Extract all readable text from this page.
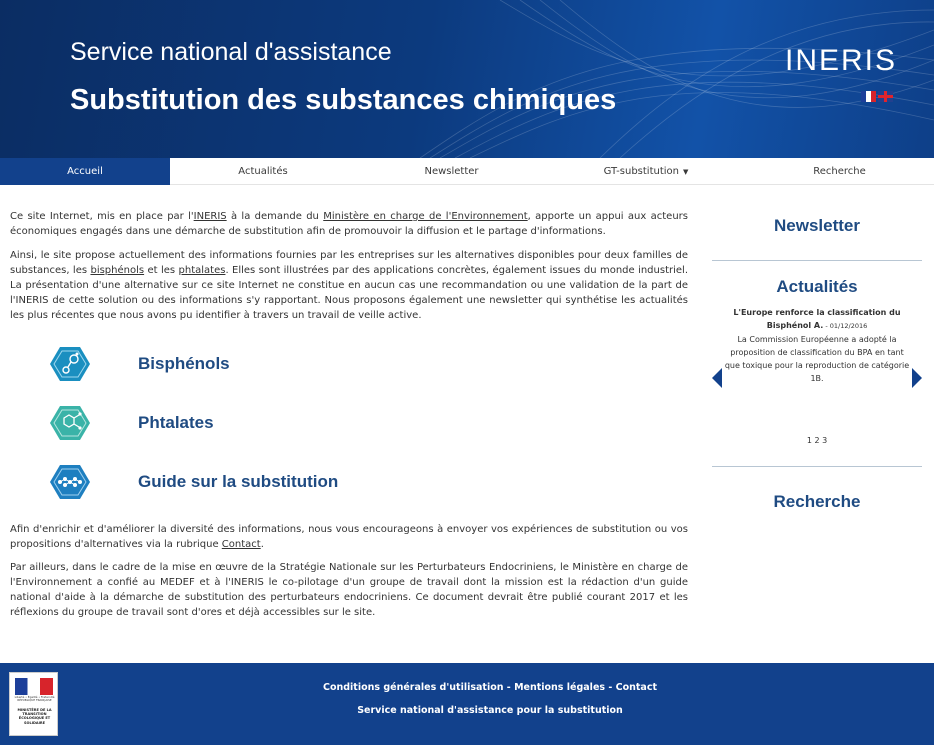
Service national d'assistance
Substitution des substances chimiques
INERIS
Accueil	Actualités	Newsletter	GT-substitution ▼	Recherche

Ce site Internet, mis en place par l'INERIS à la demande du Ministère en charge de l'Environnement, apporte un appui aux acteurs économiques engagés dans une démarche de substitution afin de promouvoir la diffusion et le partage d'informations.

Ainsi, le site propose actuellement des informations fournies par les entreprises sur les alternatives disponibles pour deux familles de substances, les bisphénols et les phtalates. Elles sont illustrées par des applications concrètes, également issues du monde industriel. La présentation d'une alternative sur ce site Internet ne constitue en aucun cas une recommandation ou une validation de la part de l'INERIS de cette solution ou des informations s'y rapportant. Nous proposons également une newsletter qui synthétise les actualités les plus récentes que nous avons pu identifier à travers un travail de veille active.

Bisphénols
Phtalates
Guide sur la substitution

Afin d'enrichir et d'améliorer la diversité des informations, nous vous encourageons à envoyer vos expériences de substitution ou vos propositions d'alternatives via la rubrique Contact.

Par ailleurs, dans le cadre de la mise en œuvre de la Stratégie Nationale sur les Perturbateurs Endocriniens, le Ministère en charge de l'Environnement a confié au MEDEF et à l'INERIS le co-pilotage d'un groupe de travail dont la mission est la rédaction d'un guide national d'aide à la démarche de substitution des perturbateurs endocriniens. Ce document devrait être publié courant 2017 et les réflexions du groupe de travail sont d'ores et déjà accessibles sur le site.

Newsletter
Actualités
L'Europe renforce la classification du Bisphénol A. - 01/12/2016
La Commission Européenne a adopté la proposition de classification du BPA en tant que toxique pour la reproduction de catégorie 1B.
1 2 3
Recherche
Liberté • Égalité • Fraternité
RÉPUBLIQUE FRANÇAISE
MINISTÈRE DE LA TRANSITION ÉCOLOGIQUE ET SOLIDAIRE
Conditions générales d'utilisation - Mentions légales - Contact
Service national d'assistance pour la substitution
